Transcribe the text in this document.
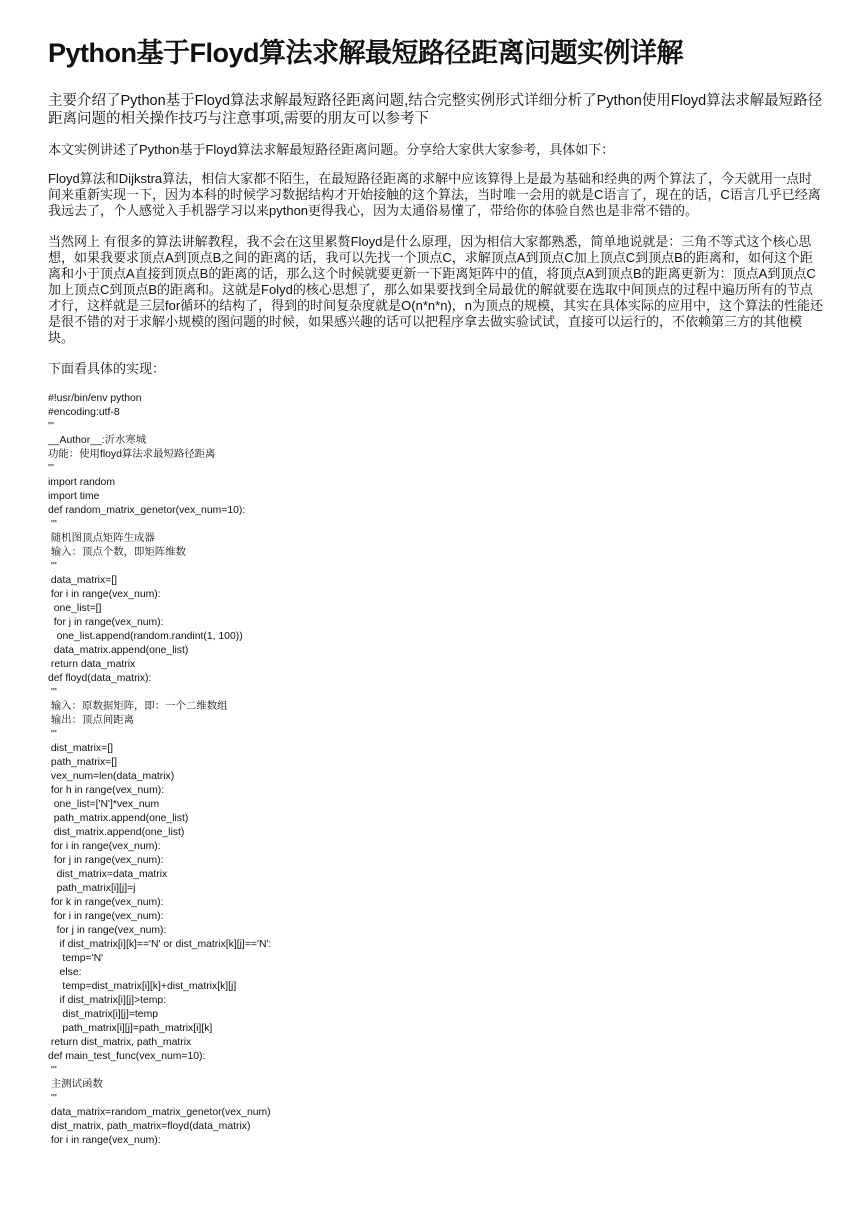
Python基于Floyd算法求解最短路径距离问题实例详解

主要介绍了Python基于Floyd算法求解最短路径距离问题,结合完整实例形式详细分析了Python使用Floyd算法求解最短路径距离问题的相关操作技巧与注意事项,需要的朋友可以参考下

本文实例讲述了Python基于Floyd算法求解最短路径距离问题。分享给大家供大家参考，具体如下：

Floyd算法和Dijkstra算法，相信大家都不陌生，在最短路径距离的求解中应该算得上是最为基础和经典的两个算法了，今天就用一点时间来重新实现一下，因为本科的时候学习数据结构才开始接触的这个算法，当时唯一会用的就是C语言了，现在的话，C语言几乎已经离我远去了，个人感觉入手机器学习以来python更得我心，因为太通俗易懂了，带给你的体验自然也是非常不错的。

当然网上 有很多的算法讲解教程，我不会在这里累赘Floyd是什么原理，因为相信大家都熟悉，简单地说就是：三角不等式这个核心思想，如果我要求顶点A到顶点B之间的距离的话，我可以先找一个顶点C，求解顶点A到顶点C加上顶点C到顶点B的距离和，如何这个距离和小于顶点A直接到顶点B的距离的话，那么这个时候就要更新一下距离矩阵中的值，将顶点A到顶点B的距离更新为：顶点A到顶点C加上顶点C到顶点B的距离和。这就是Folyd的核心思想了，那么如果要找到全局最优的解就要在选取中间顶点的过程中遍历所有的节点才行，这样就是三层for循环的结构了，得到的时间复杂度就是O(n*n*n)，n为顶点的规模，其实在具体实际的应用中，这个算法的性能还是很不错的对于求解小规模的图问题的时候，如果感兴趣的话可以把程序拿去做实验试试，直接可以运行的，不依赖第三方的其他模块。

下面看具体的实现：

#!usr/bin/env python
#encoding:utf-8
'''
__Author__:沂水寒城
功能：使用floyd算法求最短路径距离
'''
import random
import time
def random_matrix_genetor(vex_num=10):
'''
随机图顶点矩阵生成器
输入：顶点个数，即矩阵维数
'''
data_matrix=[]
for i in range(vex_num):
one_list=[]
for j in range(vex_num):
one_list.append(random.randint(1, 100))
data_matrix.append(one_list)
return data_matrix
def floyd(data_matrix):
'''
输入：原数据矩阵，即：一个二维数组
输出：顶点间距离
'''
dist_matrix=[]
path_matrix=[]
vex_num=len(data_matrix)
for h in range(vex_num):
one_list=['N']*vex_num
path_matrix.append(one_list)
dist_matrix.append(one_list)
for i in range(vex_num):
for j in range(vex_num):
dist_matrix=data_matrix
path_matrix[i][j]=j
for k in range(vex_num):
for i in range(vex_num):
for j in range(vex_num):
if dist_matrix[i][k]=='N' or dist_matrix[k][j]=='N':
temp='N'
else:
temp=dist_matrix[i][k]+dist_matrix[k][j]
if dist_matrix[i][j]>temp:
dist_matrix[i][j]=temp
path_matrix[i][j]=path_matrix[i][k]
return dist_matrix, path_matrix
def main_test_func(vex_num=10):
'''
主测试函数
'''
data_matrix=random_matrix_genetor(vex_num)
dist_matrix, path_matrix=floyd(data_matrix)
for i in range(vex_num):
